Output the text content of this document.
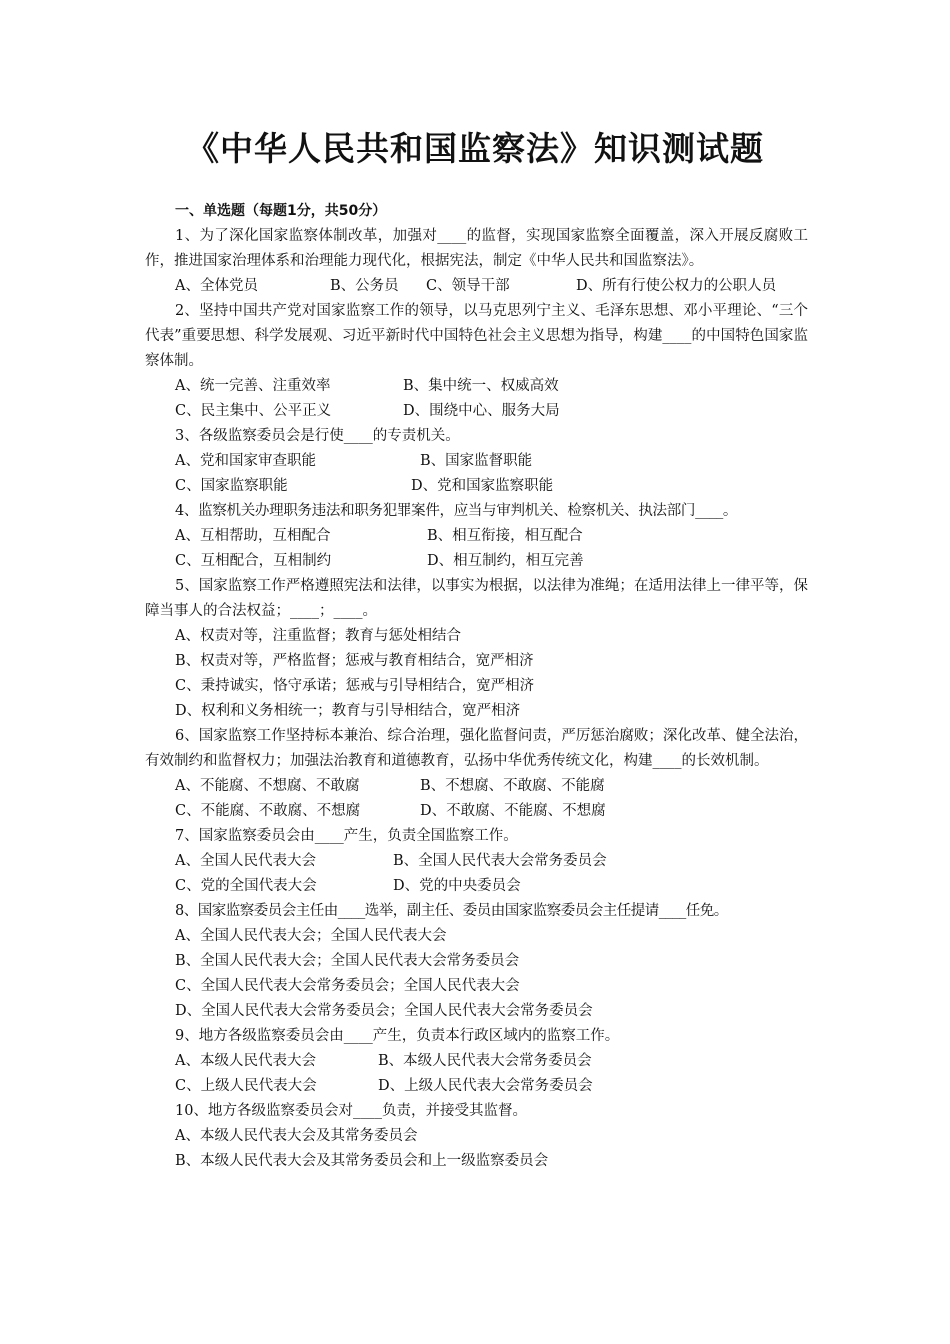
《中华人民共和国监察法》知识测试题
一、单选题（每题1分，共50分）
1、为了深化国家监察体制改革，加强对____的监督，实现国家监察全面覆盖，深入开展反腐败工作，推进国家治理体系和治理能力现代化，根据宪法，制定《中华人民共和国监察法》。
A、全体党员	B、公务员 C、领导干部	D、所有行使公权力的公职人员
2、坚持中国共产党对国家监察工作的领导，以马克思列宁主义、毛泽东思想、邓小平理论、“三个代表”重要思想、科学发展观、习近平新时代中国特色社会主义思想为指导，构建____的中国特色国家监察体制。
A、统一完善、注重效率	B、集中统一、权威高效
C、民主集中、公平正义	D、围绕中心、服务大局
3、各级监察委员会是行使____的专责机关。
A、党和国家审查职能	B、国家监督职能
C、国家监察职能	D、党和国家监察职能
4、监察机关办理职务违法和职务犯罪案件，应当与审判机关、检察机关、执法部门____。
A、互相帮助，互相配合	B、相互衔接，相互配合
C、互相配合，互相制约	D、相互制约，相互完善
5、国家监察工作严格遵照宪法和法律，以事实为根据，以法律为准绳；在适用法律上一律平等，保障当事人的合法权益；____；____。
A、权责对等，注重监督；教育与惩处相结合
B、权责对等，严格监督；惩戒与教育相结合，宽严相济
C、秉持诚实，恪守承诺；惩戒与引导相结合，宽严相济
D、权利和义务相统一；教育与引导相结合，宽严相济
6、国家监察工作坚持标本兼治、综合治理，强化监督问责，严厉惩治腐败；深化改革、健全法治，有效制约和监督权力；加强法治教育和道德教育，弘扬中华优秀传统文化，构建____的长效机制。
A、不能腐、不想腐、不敢腐	B、不想腐、不敢腐、不能腐
C、不能腐、不敢腐、不想腐	D、不敢腐、不能腐、不想腐
7、国家监察委员会由____产生，负责全国监察工作。
A、全国人民代表大会	B、全国人民代表大会常务委员会
C、党的全国代表大会	D、党的中央委员会
8、国家监察委员会主任由____选举，副主任、委员由国家监察委员会主任提请____任免。
A、全国人民代表大会；全国人民代表大会
B、全国人民代表大会；全国人民代表大会常务委员会
C、全国人民代表大会常务委员会；全国人民代表大会
D、全国人民代表大会常务委员会；全国人民代表大会常务委员会
9、地方各级监察委员会由____产生，负责本行政区域内的监察工作。
A、本级人民代表大会	B、本级人民代表大会常务委员会
C、上级人民代表大会	D、上级人民代表大会常务委员会
10、地方各级监察委员会对____负责，并接受其监督。
A、本级人民代表大会及其常务委员会
B、本级人民代表大会及其常务委员会和上一级监察委员会
